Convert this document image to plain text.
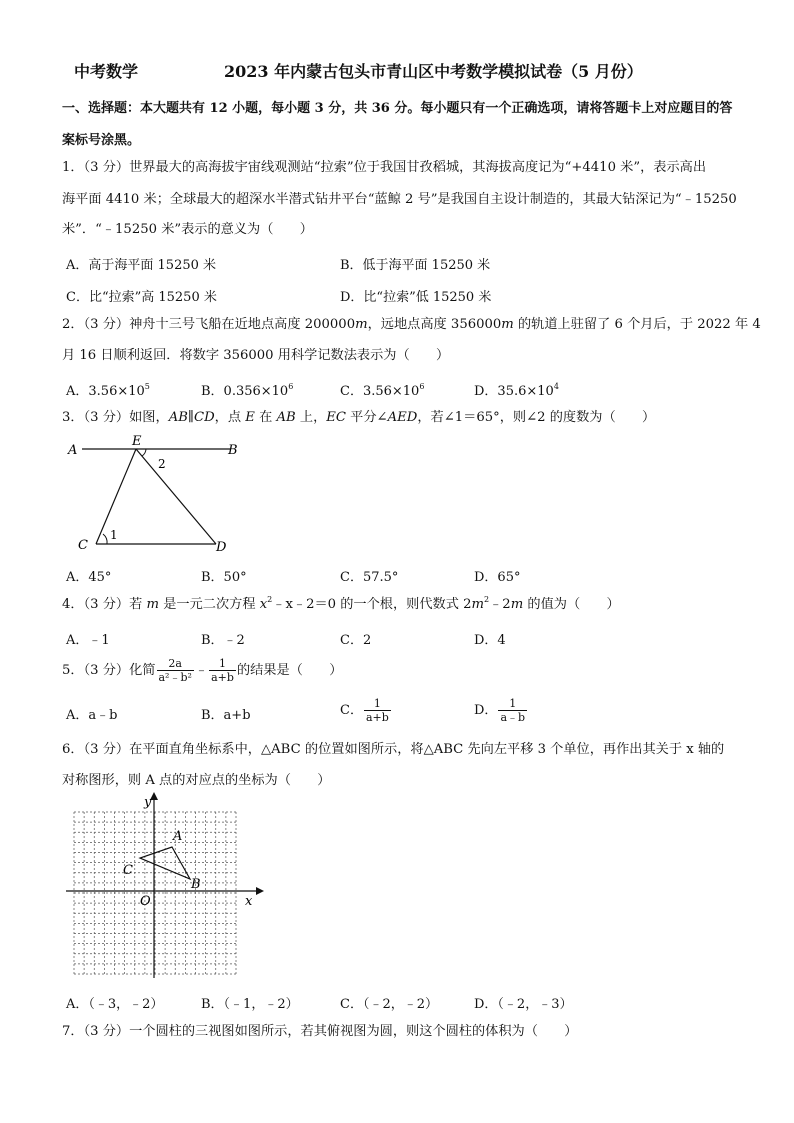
中考数学	2023 年内蒙古包头市青山区中考数学模拟试卷（5 月份）
一、选择题：本大题共有 12 小题，每小题 3 分，共 36 分。每小题只有一个正确选项，请将答题卡上对应题目的答
案标号涂黑。
1．（3 分）世界最大的高海拔宇宙线观测站“拉索”位于我国甘孜稻城，其海拔高度记为“+4410 米”，表示高出
海平面 4410 米；全球最大的超深水半潜式钻井平台“蓝鲸 2 号”是我国自主设计制造的，其最大钻深记为“﹣15250
米”．“﹣15250 米”表示的意义为（　　）
A．高于海平面 15250 米	B．低于海平面 15250 米
C．比“拉索”高 15250 米	D．比“拉索”低 15250 米
2．（3 分）神舟十三号飞船在近地点高度 200000m，远地点高度 356000m 的轨道上驻留了 6 个月后，于 2022 年 4
月 16 日顺利返回．将数字 356000 用科学记数法表示为（　　）
A．$3.56\times 10^5$	B．$0.356\times 10^6$	C．$3.56\times 10^6$	D．$35.6\times 10^4$
3．（3 分）如图，AB∥CD，点 E 在 AB 上，EC 平分∠AED，若∠1＝65°，则∠2 的度数为（　　）
A	B
E
C	D
1
2
A．45°	B．50°	C．57.5°	D．65°
4．（3 分）若 m 是一元二次方程 $x^2﹣x﹣2=0$ 的一个根，则代数式 $2m^2﹣2m$ 的值为（　　）
A．﹣1	B．﹣2	C．2	D．4
5．（3 分）化简 $\frac{2a}{\text{a²﹣b²}}$ ﹣ $\frac{1}{a+b}$ 的结果是（　　）
A．a﹣b	B．a+b	C． $\frac{1}{a+b}$	D． $\frac{1}{a﹣b}$
6．（3 分）在平面直角坐标系中，△ABC 的位置如图所示，将△ABC 先向左平移 3 个单位，再作出其关于 x 轴的
对称图形，则 A 点的对应点的坐标为（　　）
x
y
O
A
B
C
A．（﹣3，﹣2）	B．（﹣1，﹣2）	C．（﹣2，﹣2）	D．（﹣2，﹣3）
7．（3 分）一个圆柱的三视图如图所示，若其俯视图为圆，则这个圆柱的体积为（　　）
